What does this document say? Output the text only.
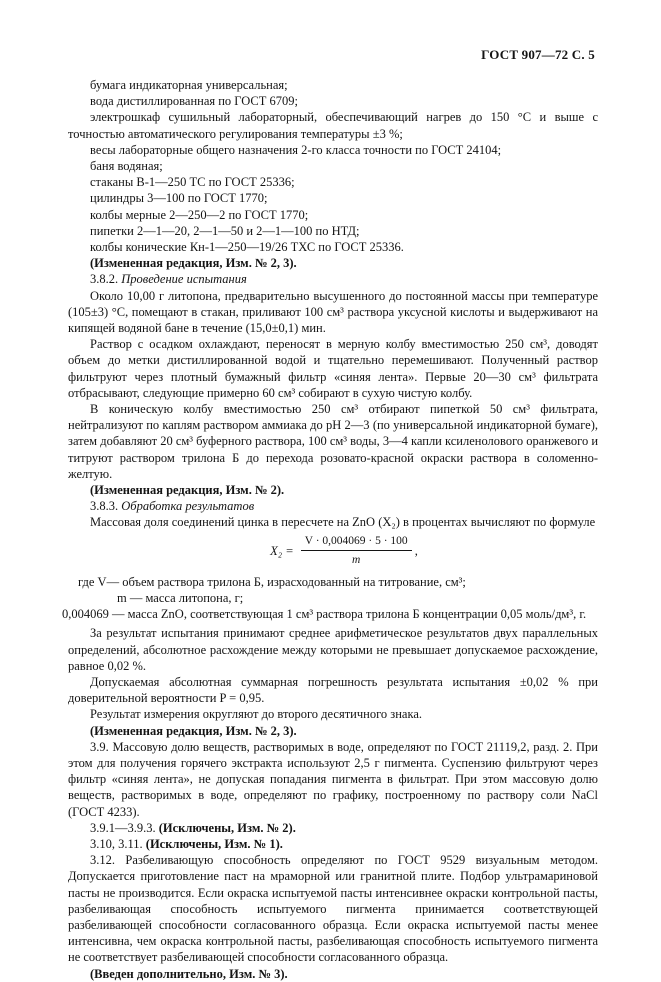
ГОСТ 907—72 С. 5

бумага индикаторная универсальная;

вода дистиллированная по ГОСТ 6709;

электрошкаф сушильный лабораторный, обеспечивающий нагрев до 150 °С и выше с точностью автоматического регулирования температуры ±3 %;

весы лабораторные общего назначения 2-го класса точности по ГОСТ 24104;

баня водяная;

стаканы В-1—250 ТС по ГОСТ 25336;

цилиндры 3—100 по ГОСТ 1770;

колбы мерные 2—250—2 по ГОСТ 1770;

пипетки 2—1—20, 2—1—50 и 2—1—100 по НТД;

колбы конические Кн-1—250—19/26 ТХС по ГОСТ 25336.

(Измененная редакция, Изм. № 2, 3).

3.8.2. Проведение испытания

Около 10,00 г литопона, предварительно высушенного до постоянной массы при температуре (105±3) °С, помещают в стакан, приливают 100 см³ раствора уксусной кислоты и выдерживают на кипящей водяной бане в течение (15,0±0,1) мин.

Раствор с осадком охлаждают, переносят в мерную колбу вместимостью 250 см³, доводят объем до метки дистиллированной водой и тщательно перемешивают. Полученный раствор фильтруют через плотный бумажный фильтр «синяя лента». Первые 20—30 см³ фильтрата отбрасывают, следующие примерно 60 см³ собирают в сухую чистую колбу.

В коническую колбу вместимостью 250 см³ отбирают пипеткой 50 см³ фильтрата, нейтрализуют по каплям раствором аммиака до рН 2—3 (по универсальной индикаторной бумаге), затем добавляют 20 см³ буферного раствора, 100 см³ воды, 3—4 капли ксиленолового оранжевого и титруют раствором трилона Б до перехода розовато-красной окраски раствора в соломенно-желтую.

(Измененная редакция, Изм. № 2).

3.8.3. Обработка результатов

Массовая доля соединений цинка в пересчете на ZnO (X₂) в процентах вычисляют по формуле

$X_2 = \frac{V \cdot 0,004069 \cdot 5 \cdot 100}{m}$ ,

где V— объем раствора трилона Б, израсходованный на титрование, см³;

m — масса литопона, г;

0,004069 — масса ZnO, соответствующая 1 см³ раствора трилона Б концентрации 0,05 моль/дм³, г.

За результат испытания принимают среднее арифметическое результатов двух параллельных определений, абсолютное расхождение между которыми не превышает допускаемое расхождение, равное 0,02 %.

Допускаемая абсолютная суммарная погрешность результата испытания ±0,02 % при доверительной вероятности P = 0,95.

Результат измерения округляют до второго десятичного знака.

(Измененная редакция, Изм. № 2, 3).

3.9. Массовую долю веществ, растворимых в воде, определяют по ГОСТ 21119,2, разд. 2. При этом для получения горячего экстракта используют 2,5 г пигмента. Суспензию фильтруют через фильтр «синяя лента», не допуская попадания пигмента в фильтрат. При этом массовую долю веществ, растворимых в воде, определяют по графику, построенному по раствору соли NaCl (ГОСТ 4233).

3.9.1—3.9.3. (Исключены, Изм. № 2).

3.10, 3.11. (Исключены, Изм. № 1).

3.12. Разбеливающую способность определяют по ГОСТ 9529 визуальным методом. Допускается приготовление паст на мраморной или гранитной плите. Подбор ультрамариновой пасты не производится. Если окраска испытуемой пасты интенсивнее окраски контрольной пасты, разбеливающая способность испытуемого пигмента принимается соответствующей разбеливающей способности согласованного образца. Если окраска испытуемой пасты менее интенсивна, чем окраска контрольной пасты, разбеливающая способность испытуемого пигмента не соответствует разбеливающей способности согласованного образца.

(Введен дополнительно, Изм. № 3).
